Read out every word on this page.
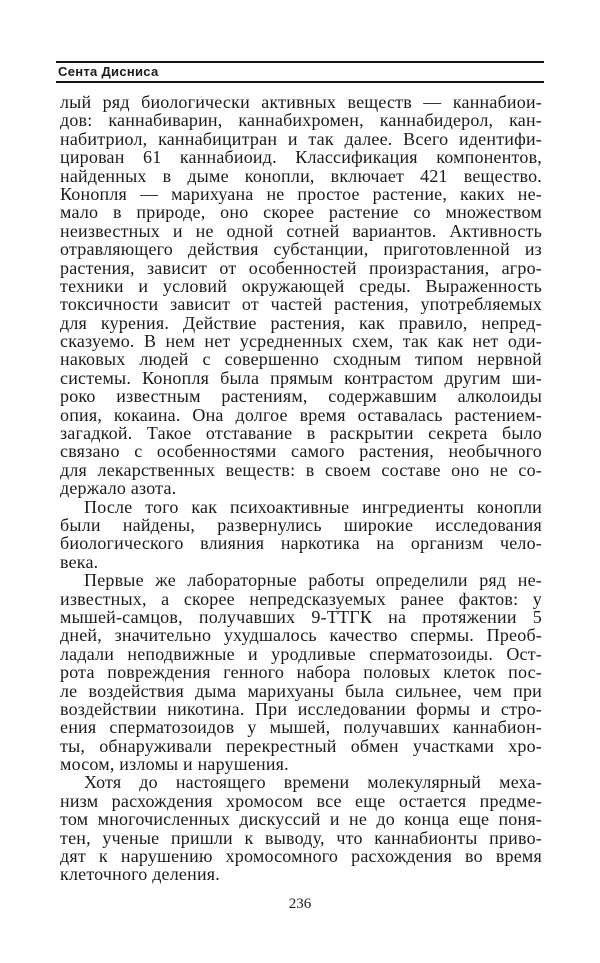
Сента Дисниса
лый ряд биологически активных веществ — каннабиои-
дов: каннабиварин, каннабихромен, каннабидерол, кан-
набитриол, каннабицитран и так далее. Всего идентифи-
цирован 61 каннабиоид. Классификация компонентов,
найденных в дыме конопли, включает 421 вещество.
Конопля — марихуана не простое растение, каких не-
мало в природе, оно скорее растение со множеством
неизвестных и не одной сотней вариантов. Активность
отравляющего действия субстанции, приготовленной из
растения, зависит от особенностей произрастания, агро-
техники и условий окружающей среды. Выраженность
токсичности зависит от частей растения, употребляемых
для курения. Действие растения, как правило, непред-
сказуемо. В нем нет усредненных схем, так как нет оди-
наковых людей с совершенно сходным типом нервной
системы. Конопля была прямым контрастом другим ши-
роко известным растениям, содержавшим алколоиды
опия, кокаина. Она долгое время оставалась растением-
загадкой. Такое отставание в раскрытии секрета было
связано с особенностями самого растения, необычного
для лекарственных веществ: в своем составе оно не со-
держало азота.
После того как психоактивные ингредиенты конопли
были найдены, развернулись широкие исследования
биологического влияния наркотика на организм чело-
века.
Первые же лабораторные работы определили ряд не-
известных, а скорее непредсказуемых ранее фактов: у
мышей-самцов, получавших 9-ТТГК на протяжении 5
дней, значительно ухудшалось качество спермы. Преоб-
ладали неподвижные и уродливые сперматозоиды. Ост-
рота повреждения генного набора половых клеток пос-
ле воздействия дыма марихуаны была сильнее, чем при
воздействии никотина. При исследовании формы и стро-
ения сперматозоидов у мышей, получавших каннабион-
ты, обнаруживали перекрестный обмен участками хро-
мосом, изломы и нарушения.
Хотя до настоящего времени молекулярный меха-
низм расхождения хромосом все еще остается предме-
том многочисленных дискуссий и не до конца еще поня-
тен, ученые пришли к выводу, что каннабионты приво-
дят к нарушению хромосомного расхождения во время
клеточного деления.
236
